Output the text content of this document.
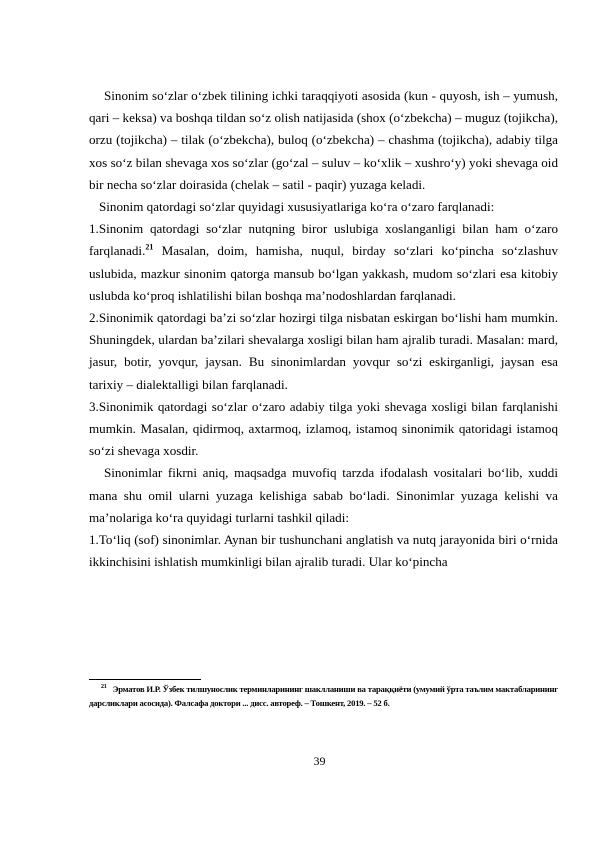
Sinonim so‘zlar o‘zbek tilining ichki taraqqiyoti asosida (kun - quyosh, ish – yumush, qari – keksa) va boshqa tildan so‘z olish natijasida (shox (o‘zbekcha) – muguz (tojikcha), orzu (tojikcha) – tilak (o‘zbekcha), buloq (o‘zbekcha) – chashma (tojikcha), adabiy tilga xos so‘z bilan shevaga xos so‘zlar (go‘zal – suluv – ko‘xlik – xushro‘y) yoki shevaga oid bir necha so‘zlar doirasida (chelak – satil - paqir) yuzaga keladi.

Sinonim qatordagi so‘zlar quyidagi xususiyatlariga ko‘ra o‘zaro farqlanadi:

1.Sinonim qatordagi so‘zlar nutqning biror uslubiga xoslanganligi bilan ham o‘zaro farqlanadi.$^{21}$ Masalan, doim, hamisha, nuqul, birday so‘zlari ko‘pincha so‘zlashuv uslubida, mazkur sinonim qatorga mansub bo‘lgan yakkash, mudom so‘zlari esa kitobiy uslubda ko‘proq ishlatilishi bilan boshqa ma’nodoshlardan farqlanadi.

2.Sinonimik qatordagi ba’zi so‘zlar hozirgi tilga nisbatan eskirgan bo‘lishi ham mumkin. Shuningdek, ulardan ba’zilari shevalarga xosligi bilan ham ajralib turadi. Masalan: mard, jasur, botir, yovqur, jaysan. Bu sinonimlardan yovqur so‘zi eskirganligi, jaysan esa tarixiy – dialektalligi bilan farqlanadi.

3.Sinonimik qatordagi so‘zlar o‘zaro adabiy tilga yoki shevaga xosligi bilan farqlanishi mumkin. Masalan, qidirmoq, axtarmoq, izlamoq, istamoq sinonimik qatoridagi istamoq so‘zi shevaga xosdir.

Sinonimlar fikrni aniq, maqsadga muvofiq tarzda ifodalash vositalari bo‘lib, xuddi mana shu omil ularni yuzaga kelishiga sabab bo‘ladi. Sinonimlar yuzaga kelishi va ma’nolariga ko‘ra quyidagi turlarni tashkil qiladi:

1.To‘liq (sof) sinonimlar. Aynan bir tushunchani anglatish va nutq jarayonida biri o‘rnida ikkinchisini ishlatish mumkinligi bilan ajralib turadi. Ular ko‘pincha

$^{21}$ Эрматов И.Р. Ўзбек тилшунослик терминларининг шаклланиши ва тараққиёти (умумий ўрта таълим мактабларининг дарсликлари асосида). Фалсафа доктори ... дисс. автореф. – Тошкент, 2019. – 52 б.
39
